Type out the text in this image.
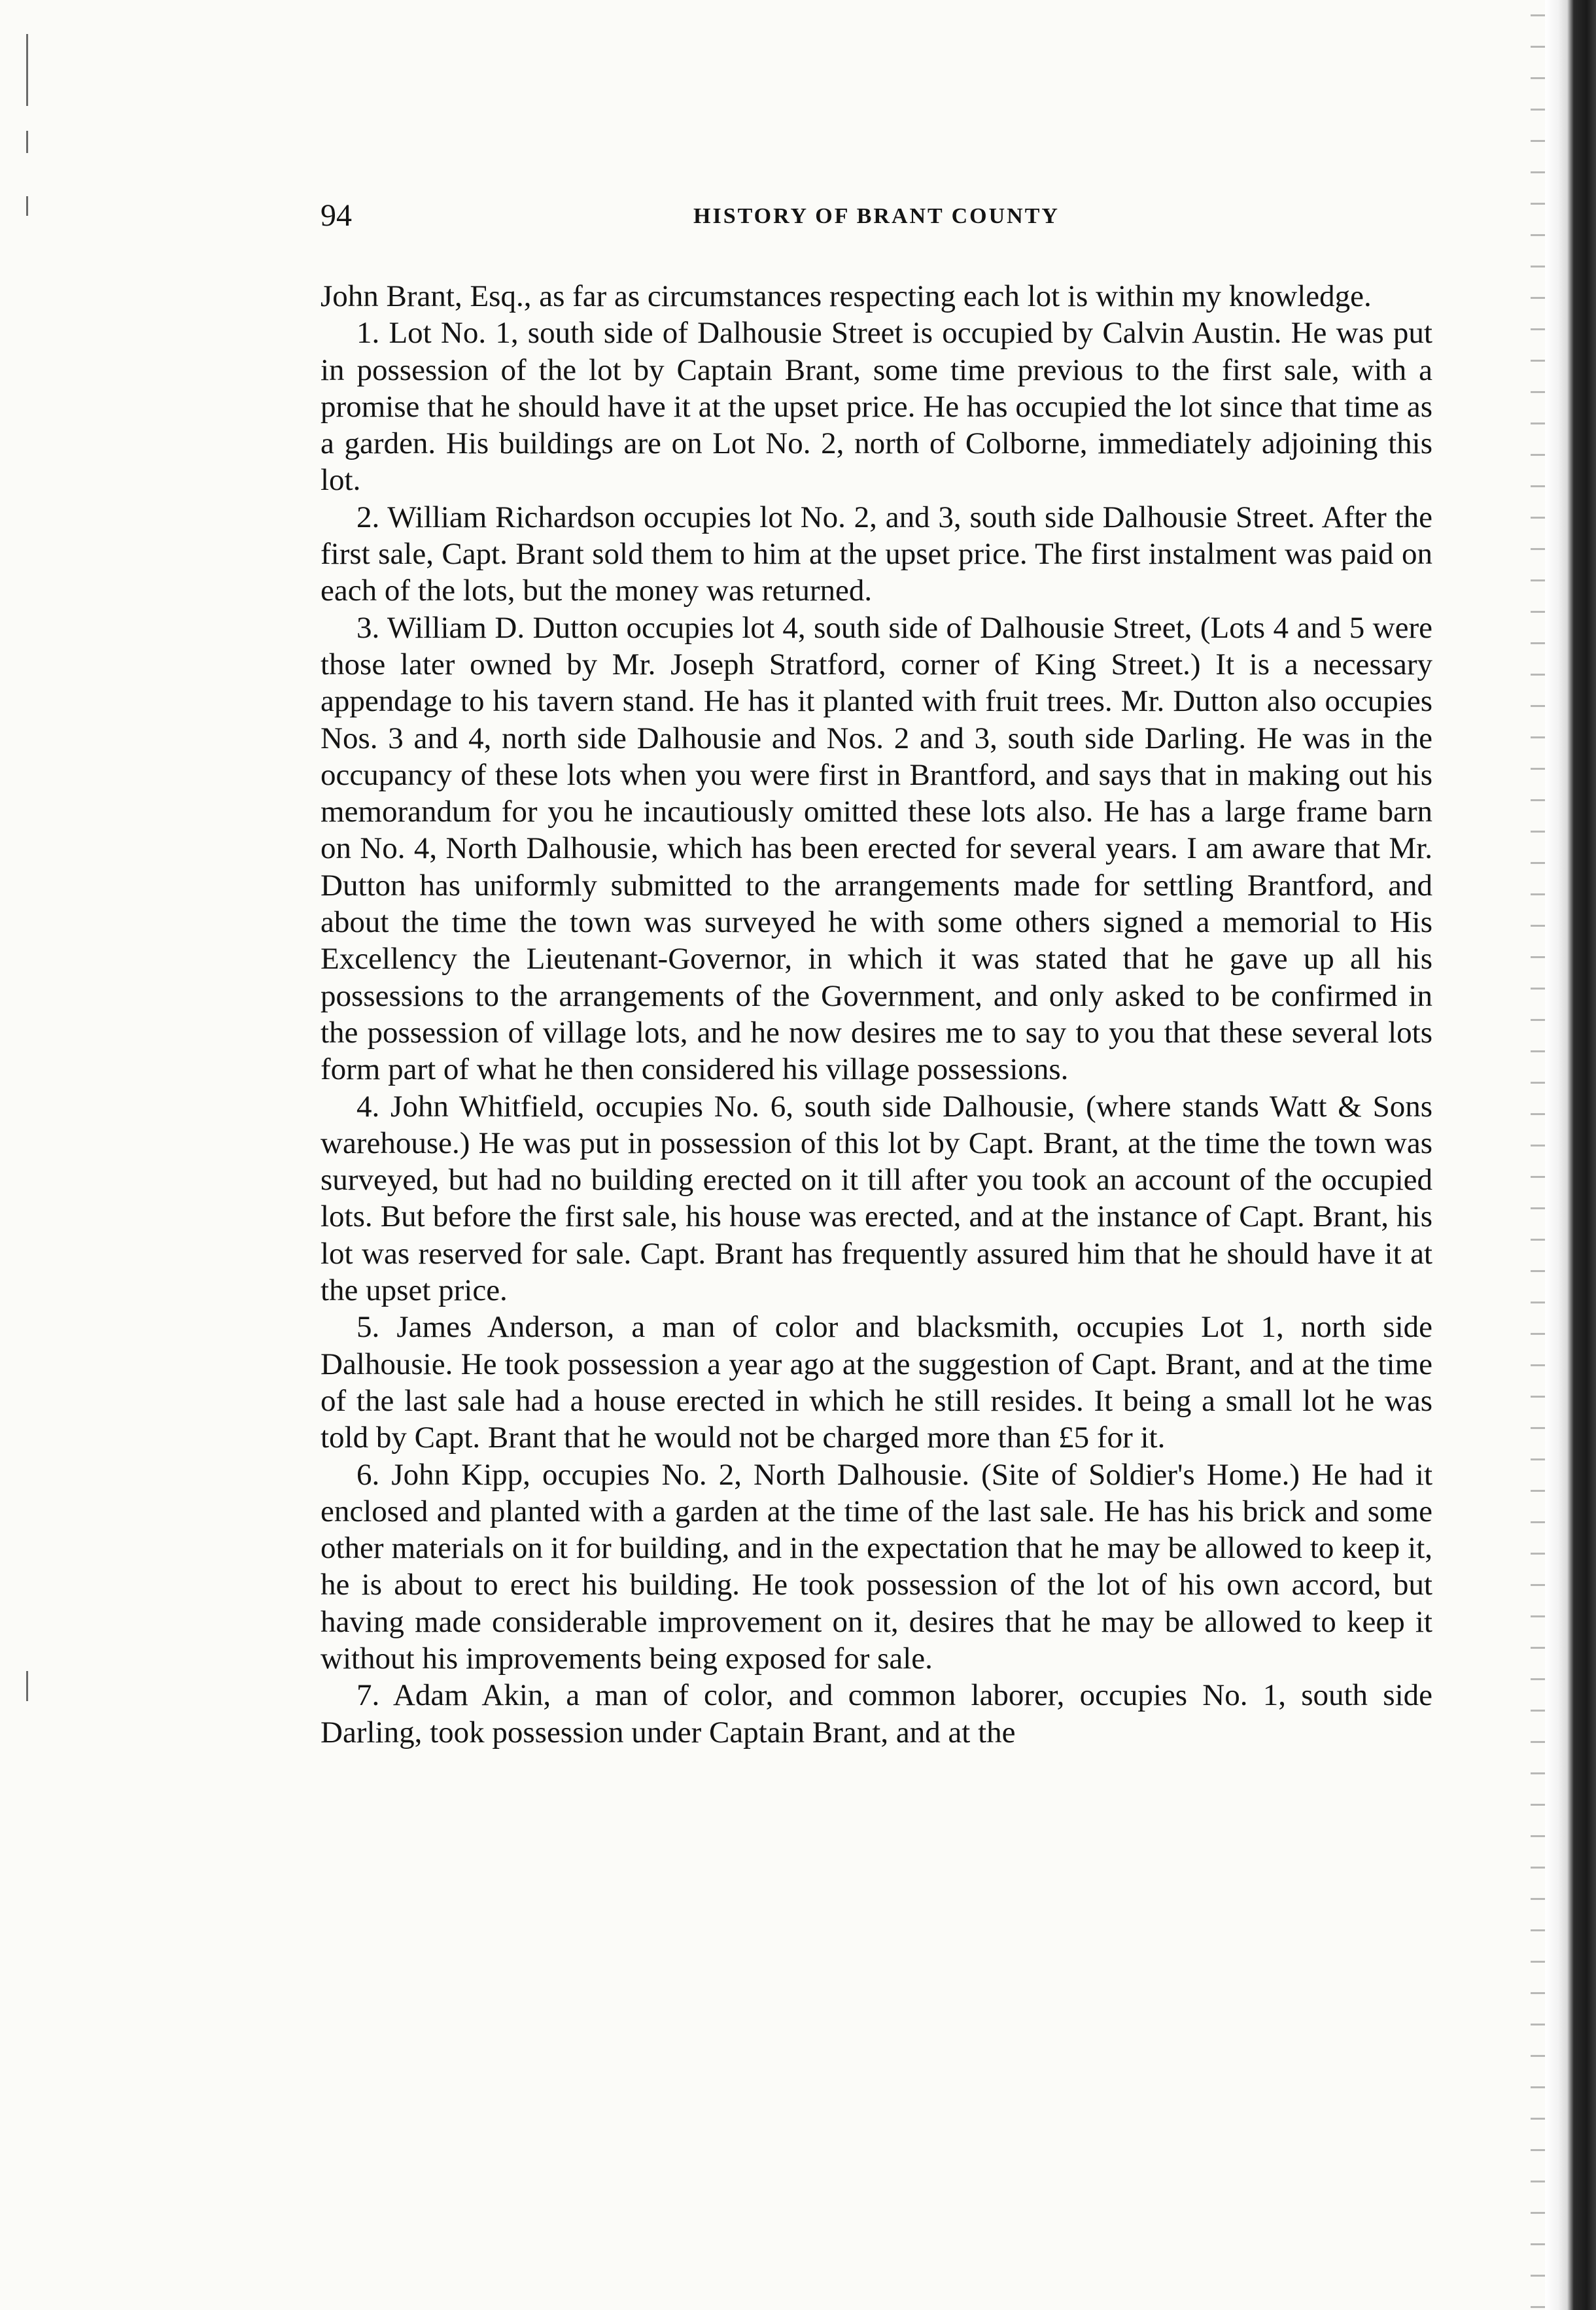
94	HISTORY OF BRANT COUNTY

John Brant, Esq., as far as circumstances respecting each lot is within my knowledge.

1. Lot No. 1, south side of Dalhousie Street is occupied by Calvin Austin. He was put in possession of the lot by Captain Brant, some time previous to the first sale, with a promise that he should have it at the upset price. He has occupied the lot since that time as a garden. His buildings are on Lot No. 2, north of Colborne, immediately adjoining this lot.

2. William Richardson occupies lot No. 2, and 3, south side Dalhousie Street. After the first sale, Capt. Brant sold them to him at the upset price. The first instalment was paid on each of the lots, but the money was returned.

3. William D. Dutton occupies lot 4, south side of Dalhousie Street, (Lots 4 and 5 were those later owned by Mr. Joseph Stratford, corner of King Street.) It is a necessary appendage to his tavern stand. He has it planted with fruit trees. Mr. Dutton also occupies Nos. 3 and 4, north side Dalhousie and Nos. 2 and 3, south side Darling. He was in the occupancy of these lots when you were first in Brantford, and says that in making out his memorandum for you he incautiously omitted these lots also. He has a large frame barn on No. 4, North Dalhousie, which has been erected for several years. I am aware that Mr. Dutton has uniformly submitted to the arrangements made for settling Brantford, and about the time the town was surveyed he with some others signed a memorial to His Excellency the Lieutenant-Governor, in which it was stated that he gave up all his possessions to the arrangements of the Government, and only asked to be confirmed in the possession of village lots, and he now desires me to say to you that these several lots form part of what he then considered his village possessions.

4. John Whitfield, occupies No. 6, south side Dalhousie, (where stands Watt & Sons warehouse.) He was put in possession of this lot by Capt. Brant, at the time the town was surveyed, but had no building erected on it till after you took an account of the occupied lots. But before the first sale, his house was erected, and at the instance of Capt. Brant, his lot was reserved for sale. Capt. Brant has frequently assured him that he should have it at the upset price.

5. James Anderson, a man of color and blacksmith, occupies Lot 1, north side Dalhousie. He took possession a year ago at the suggestion of Capt. Brant, and at the time of the last sale had a house erected in which he still resides. It being a small lot he was told by Capt. Brant that he would not be charged more than £5 for it.

6. John Kipp, occupies No. 2, North Dalhousie. (Site of Soldier's Home.) He had it enclosed and planted with a garden at the time of the last sale. He has his brick and some other materials on it for building, and in the expectation that he may be allowed to keep it, he is about to erect his building. He took possession of the lot of his own accord, but having made considerable improvement on it, desires that he may be allowed to keep it without his improvements being exposed for sale.

7. Adam Akin, a man of color, and common laborer, occupies No. 1, south side Darling, took possession under Captain Brant, and at the
